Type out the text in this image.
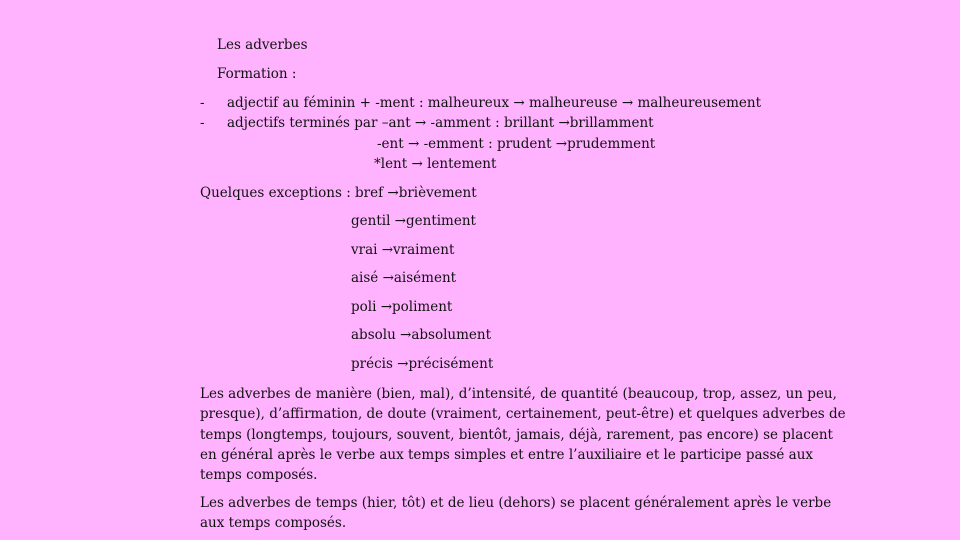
Les adverbes
Formation :
- adjectif au féminin + -ment : malheureux → malheureuse → malheureusement
- adjectifs terminés par –ant → -amment : brillant →brillamment
-ent → -emment : prudent →prudemment
*lent → lentement
Quelques exceptions : bref →brièvement
gentil →gentiment
vrai →vraiment
aisé →aisément
poli →poliment
absolu →absolument
précis →précisément
Les adverbes de manière (bien, mal), d’intensité, de quantité (beaucoup, trop, assez, un peu, presque), d’affirmation, de doute (vraiment, certainement, peut-être) et quelques adverbes de temps (longtemps, toujours, souvent, bientôt, jamais, déjà, rarement, pas encore) se placent en général après le verbe aux temps simples et entre l’auxiliaire et le participe passé aux temps composés.
Les adverbes de temps (hier, tôt) et de lieu (dehors) se placent généralement après le verbe aux temps composés.
